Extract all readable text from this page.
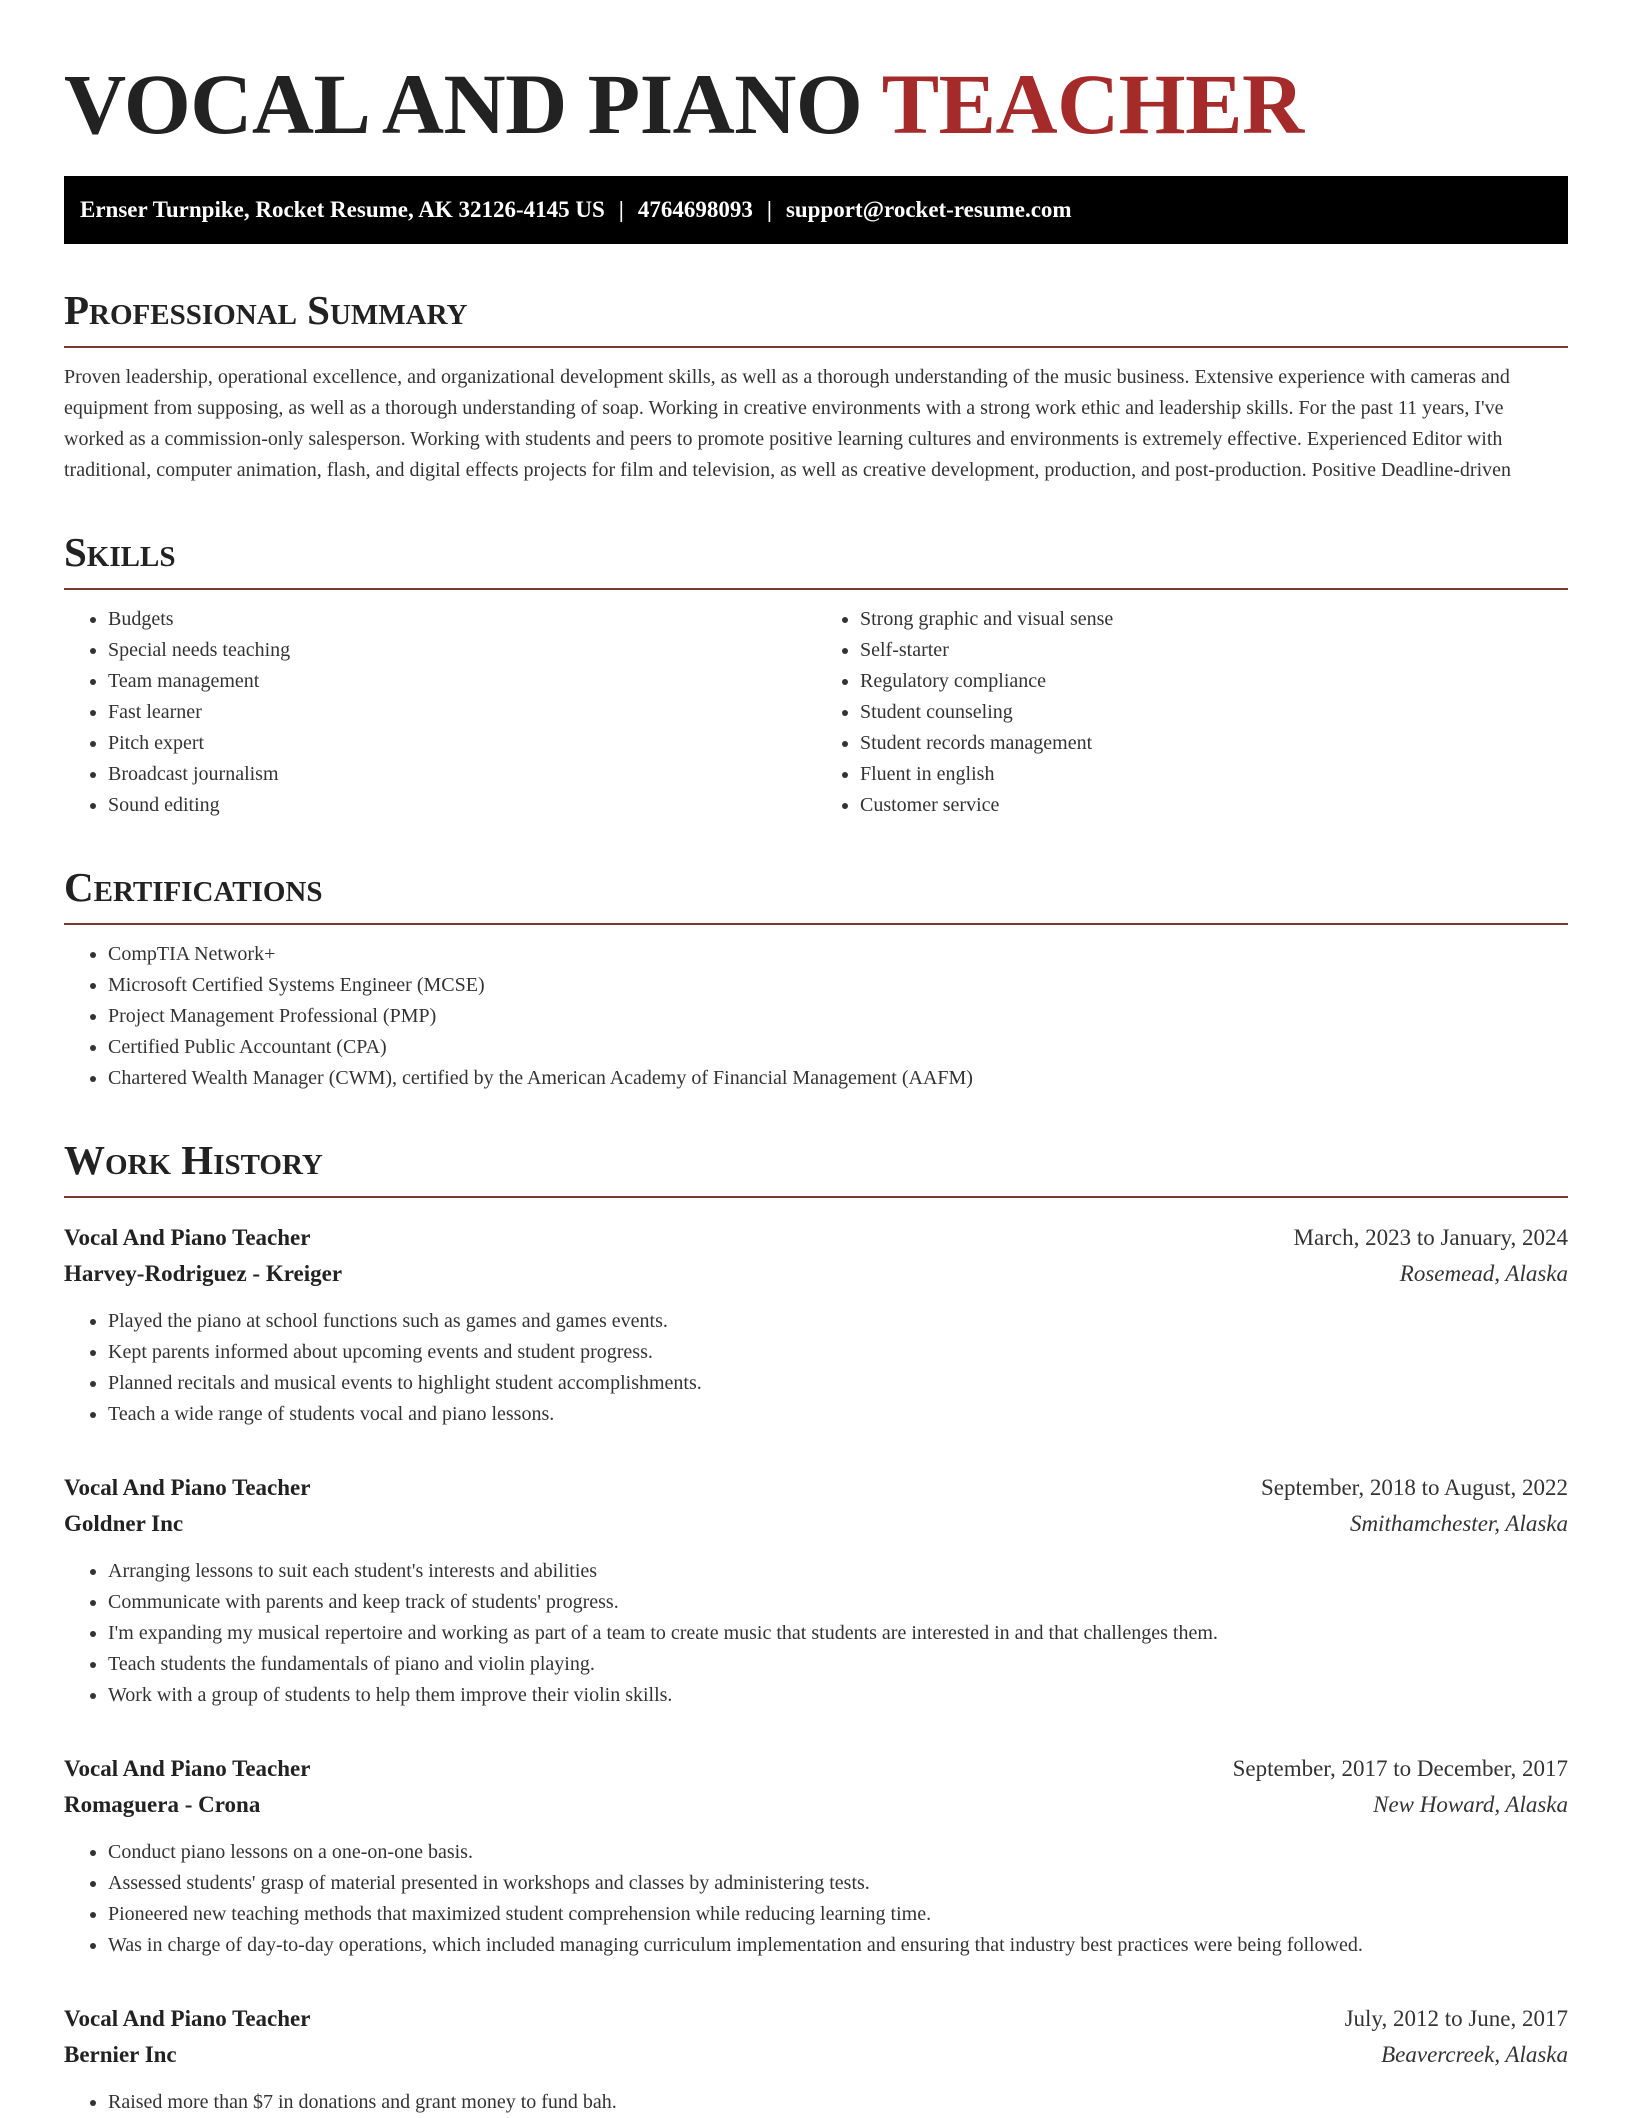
VOCAL AND PIANO TEACHER
Ernser Turnpike, Rocket Resume, AK 32126-4145 US | 4764698093 | support@rocket-resume.com
Professional Summary

Proven leadership, operational excellence, and organizational development skills, as well as a thorough understanding of the music business. Extensive experience with cameras and equipment from supposing, as well as a thorough understanding of soap. Working in creative environments with a strong work ethic and leadership skills. For the past 11 years, I've worked as a commission-only salesperson. Working with students and peers to promote positive learning cultures and environments is extremely effective. Experienced Editor with traditional, computer animation, flash, and digital effects projects for film and television, as well as creative development, production, and post-production. Positive Deadline-driven

Skills
• Budgets
• Special needs teaching
• Team management
• Fast learner
• Pitch expert
• Broadcast journalism
• Sound editing
• Strong graphic and visual sense
• Self-starter
• Regulatory compliance
• Student counseling
• Student records management
• Fluent in english
• Customer service
Certifications
• CompTIA Network+
• Microsoft Certified Systems Engineer (MCSE)
• Project Management Professional (PMP)
• Certified Public Accountant (CPA)
• Chartered Wealth Manager (CWM), certified by the American Academy of Financial Management (AAFM)
Work History
Vocal And Piano Teacher	March, 2023 to January, 2024
Harvey-Rodriguez - Kreiger	Rosemead, Alaska
• Played the piano at school functions such as games and games events.
• Kept parents informed about upcoming events and student progress.
• Planned recitals and musical events to highlight student accomplishments.
• Teach a wide range of students vocal and piano lessons.
Vocal And Piano Teacher	September, 2018 to August, 2022
Goldner Inc	Smithamchester, Alaska
• Arranging lessons to suit each student's interests and abilities
• Communicate with parents and keep track of students' progress.
• I'm expanding my musical repertoire and working as part of a team to create music that students are interested in and that challenges them.
• Teach students the fundamentals of piano and violin playing.
• Work with a group of students to help them improve their violin skills.
Vocal And Piano Teacher	September, 2017 to December, 2017
Romaguera - Crona	New Howard, Alaska
• Conduct piano lessons on a one-on-one basis.
• Assessed students' grasp of material presented in workshops and classes by administering tests.
• Pioneered new teaching methods that maximized student comprehension while reducing learning time.
• Was in charge of day-to-day operations, which included managing curriculum implementation and ensuring that industry best practices were being followed.
Vocal And Piano Teacher	July, 2012 to June, 2017
Bernier Inc	Beavercreek, Alaska
• Raised more than $7 in donations and grant money to fund bah.
